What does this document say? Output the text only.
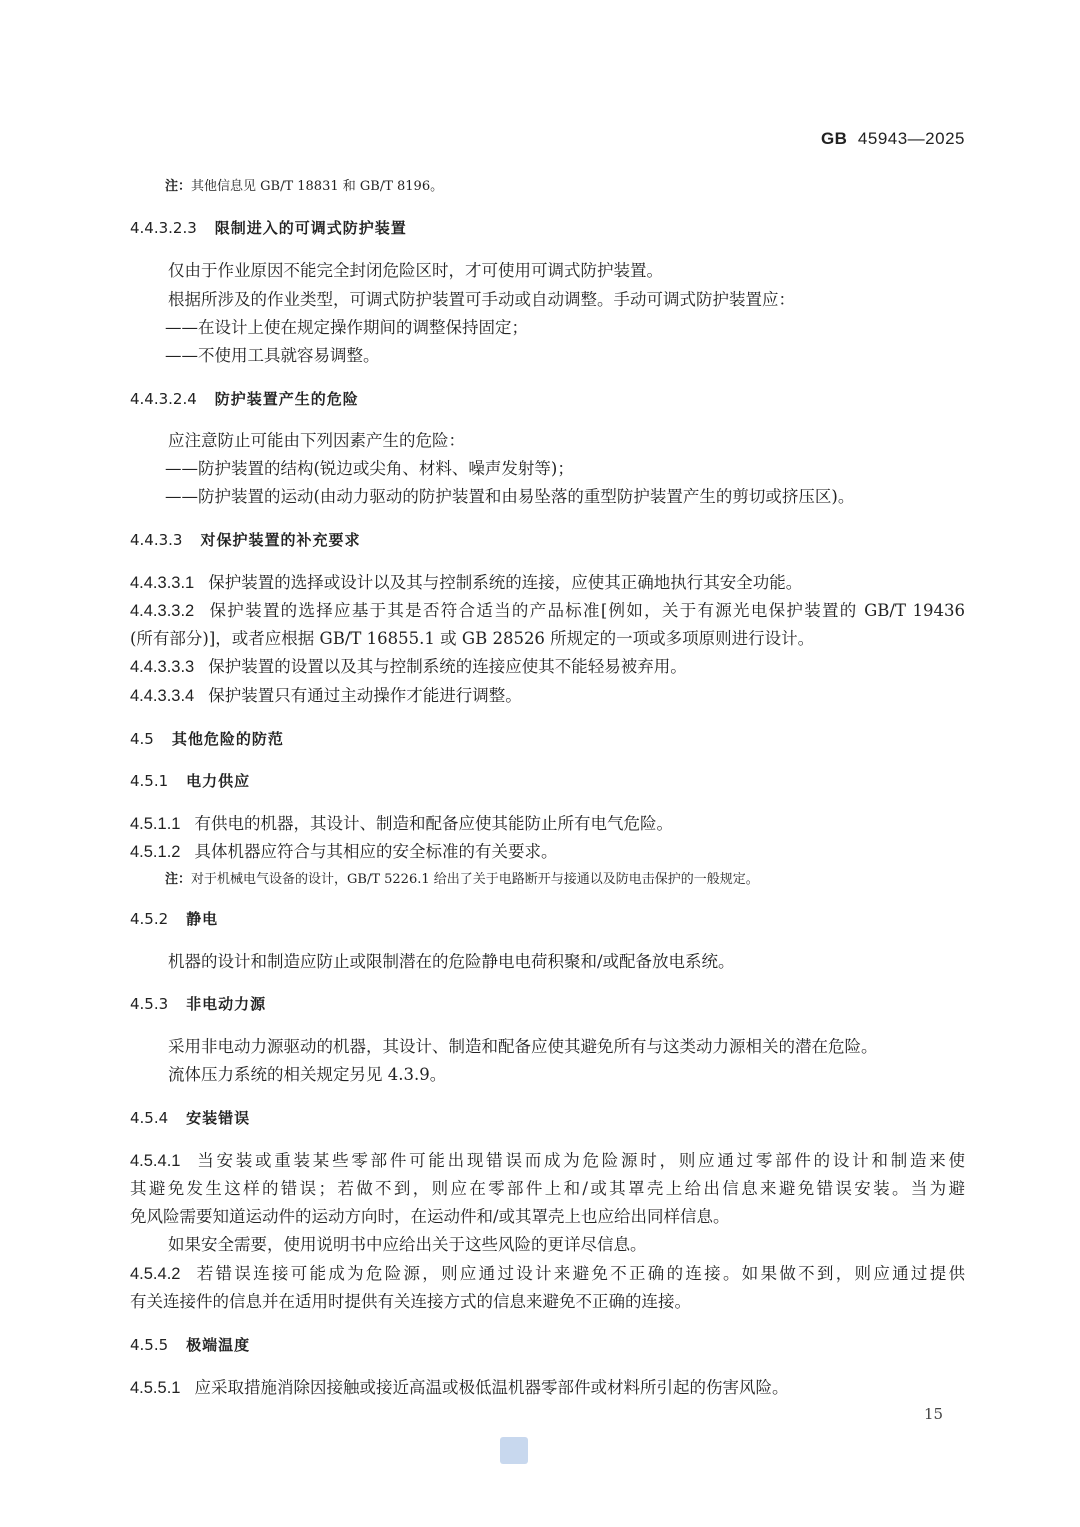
GB 45943—2025
注：其他信息见 GB/T 18831 和 GB/T 8196。
4.4.3.2.3 限制进入的可调式防护装置
仅由于作业原因不能完全封闭危险区时，才可使用可调式防护装置。
根据所涉及的作业类型，可调式防护装置可手动或自动调整。手动可调式防护装置应：
——在设计上使在规定操作期间的调整保持固定；
——不使用工具就容易调整。
4.4.3.2.4 防护装置产生的危险
应注意防止可能由下列因素产生的危险：
——防护装置的结构(锐边或尖角、材料、噪声发射等)；
——防护装置的运动(由动力驱动的防护装置和由易坠落的重型防护装置产生的剪切或挤压区)。
4.4.3.3 对保护装置的补充要求
4.4.3.3.1 保护装置的选择或设计以及其与控制系统的连接，应使其正确地执行其安全功能。
4.4.3.3.2 保护装置的选择应基于其是否符合适当的产品标准[例如，关于有源光电保护装置的 GB/T 19436
(所有部分)]，或者应根据 GB/T 16855.1 或 GB 28526 所规定的一项或多项原则进行设计。
4.4.3.3.3 保护装置的设置以及其与控制系统的连接应使其不能轻易被弃用。
4.4.3.3.4 保护装置只有通过主动操作才能进行调整。
4.5 其他危险的防范
4.5.1 电力供应
4.5.1.1 有供电的机器，其设计、制造和配备应使其能防止所有电气危险。
4.5.1.2 具体机器应符合与其相应的安全标准的有关要求。
注：对于机械电气设备的设计，GB/T 5226.1 给出了关于电路断开与接通以及防电击保护的一般规定。
4.5.2 静电
机器的设计和制造应防止或限制潜在的危险静电电荷积聚和/或配备放电系统。
4.5.3 非电动力源
采用非电动力源驱动的机器，其设计、制造和配备应使其避免所有与这类动力源相关的潜在危险。
流体压力系统的相关规定另见 4.3.9。
4.5.4 安装错误
4.5.4.1 当安装或重装某些零部件可能出现错误而成为危险源时，则应通过零部件的设计和制造来使
其避免发生这样的错误；若做不到，则应在零部件上和/或其罩壳上给出信息来避免错误安装。当为避
免风险需要知道运动件的运动方向时，在运动件和/或其罩壳上也应给出同样信息。
如果安全需要，使用说明书中应给出关于这些风险的更详尽信息。
4.5.4.2 若错误连接可能成为危险源，则应通过设计来避免不正确的连接。如果做不到，则应通过提供
有关连接件的信息并在适用时提供有关连接方式的信息来避免不正确的连接。
4.5.5 极端温度
4.5.5.1 应采取措施消除因接触或接近高温或极低温机器零部件或材料所引起的伤害风险。
15
